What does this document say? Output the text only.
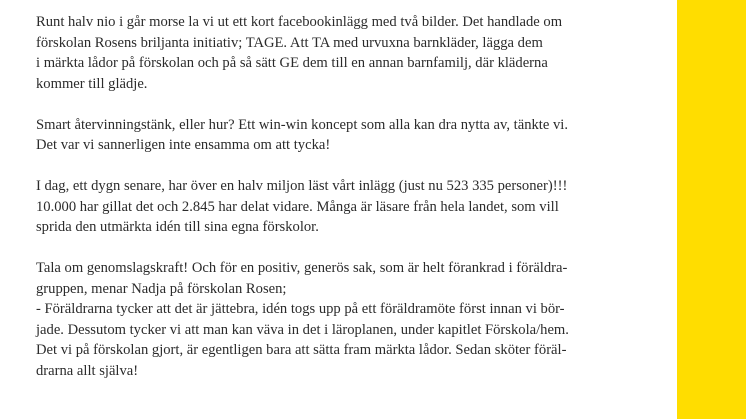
Runt halv nio i går morse la vi ut ett kort facebookinlägg med två bilder. Det handlade om
förskolan Rosens briljanta initiativ; TAGE. Att TA med urvuxna barnkläder, lägga dem
i märkta lådor på förskolan och på så sätt GE dem till en annan barnfamilj, där kläderna
kommer till glädje.

Smart återvinningstänk, eller hur? Ett win-win koncept som alla kan dra nytta av, tänkte vi.
Det var vi sannerligen inte ensamma om att tycka!

I dag, ett dygn senare, har över en halv miljon läst vårt inlägg (just nu 523 335 personer)!!!
10.000 har gillat det och 2.845 har delat vidare. Många är läsare från hela landet, som vill
sprida den utmärkta idén till sina egna förskolor.

Tala om genomslagskraft! Och för en positiv, generös sak, som är helt förankrad i föräldra-
gruppen, menar Nadja på förskolan Rosen;
- Föräldrarna tycker att det är jättebra, idén togs upp på ett föräldramöte först innan vi bör-
jade. Dessutom tycker vi att man kan väva in det i läroplanen, under kapitlet Förskola/hem.
Det vi på förskolan gjort, är egentligen bara att sätta fram märkta lådor. Sedan sköter föräl-
drarna allt själva!
